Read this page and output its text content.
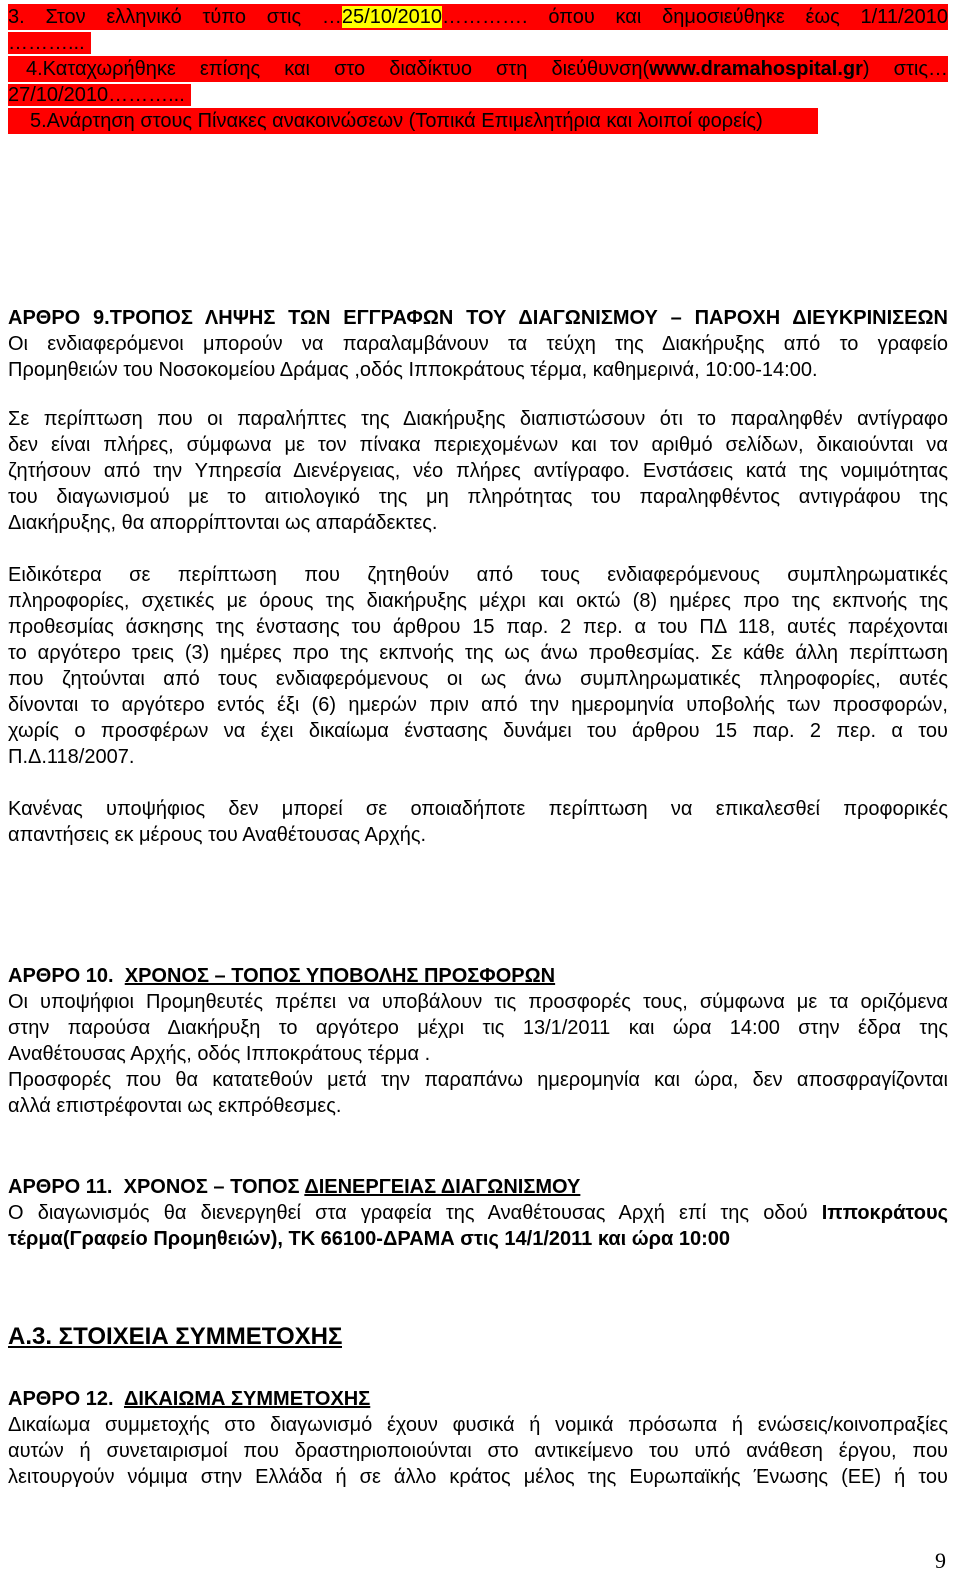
3. Στον ελληνικό τύπο στις …25/10/2010…………. όπου και δημοσιεύθηκε έως 1/11/2010
………...
4.Καταχωρήθηκε επίσης και στο διαδίκτυο στη διεύθυνση(www.dramahospital.gr) στις…
27/10/2010………...
5.Ανάρτηση στους Πίνακες ανακοινώσεων (Τοπικά Επιμελητήρια και λοιποί φορείς)
ΑΡΘΡΟ 9.ΤΡΟΠΟΣ ΛΗΨΗΣ ΤΩΝ ΕΓΓΡΑΦΩΝ ΤΟΥ ΔΙΑΓΩΝΙΣΜΟΥ – ΠΑΡΟΧΗ ΔΙΕΥΚΡΙΝΙΣΕΩΝ
Οι ενδιαφερόμενοι μπορούν να παραλαμβάνουν τα τεύχη της Διακήρυξης από το γραφείο
Προμηθειών του Νοσοκομείου Δράμας ,οδός Ιπποκράτους τέρμα, καθημερινά, 10:00-14:00.
Σε περίπτωση που οι παραλήπτες της Διακήρυξης διαπιστώσουν ότι το παραληφθέν αντίγραφο
δεν είναι πλήρες, σύμφωνα με τον πίνακα περιεχομένων και τον αριθμό σελίδων, δικαιούνται να
ζητήσουν από την Υπηρεσία Διενέργειας, νέο πλήρες αντίγραφο. Ενστάσεις κατά της νομιμότητας
του διαγωνισμού με το αιτιολογικό της μη πληρότητας του παραληφθέντος αντιγράφου της
Διακήρυξης, θα απορρίπτονται ως απαράδεκτες.
Ειδικότερα σε περίπτωση που ζητηθούν από τους ενδιαφερόμενους συμπληρωματικές
πληροφορίες, σχετικές με όρους της διακήρυξης μέχρι και οκτώ (8) ημέρες προ της εκπνοής της
προθεσμίας άσκησης της ένστασης του άρθρου 15 παρ. 2 περ. α του ΠΔ 118, αυτές παρέχονται
το αργότερο τρεις (3) ημέρες προ της εκπνοής της ως άνω προθεσμίας. Σε κάθε άλλη περίπτωση
που ζητούνται από τους ενδιαφερόμενους οι ως άνω συμπληρωματικές πληροφορίες, αυτές
δίνονται το αργότερο εντός έξι (6) ημερών πριν από την ημερομηνία υποβολής των προσφορών,
χωρίς ο προσφέρων να έχει δικαίωμα ένστασης δυνάμει του άρθρου 15 παρ. 2 περ. α του
Π.Δ.118/2007.
Κανένας υποψήφιος δεν μπορεί σε οποιαδήποτε περίπτωση να επικαλεσθεί προφορικές
απαντήσεις εκ μέρους του Αναθέτουσας Αρχής.
ΑΡΘΡΟ 10. ΧΡΟΝΟΣ – ΤΟΠΟΣ ΥΠΟΒΟΛΗΣ ΠΡΟΣΦΟΡΩΝ
Οι υποψήφιοι Προμηθευτές πρέπει να υποβάλουν τις προσφορές τους, σύμφωνα με τα οριζόμενα
στην παρούσα Διακήρυξη το αργότερο μέχρι τις 13/1/2011 και ώρα 14:00 στην έδρα της
Αναθέτουσας Αρχής, οδός Ιπποκράτους τέρμα .
Προσφορές που θα κατατεθούν μετά την παραπάνω ημερομηνία και ώρα, δεν αποσφραγίζονται
αλλά επιστρέφονται ως εκπρόθεσμες.
ΑΡΘΡΟ 11. ΧΡΟΝΟΣ – ΤΟΠΟΣ ΔΙΕΝΕΡΓΕΙΑΣ ΔΙΑΓΩΝΙΣΜΟΥ
Ο διαγωνισμός θα διενεργηθεί στα γραφεία της Αναθέτουσας Αρχή επί της οδού Ιπποκράτους
τέρμα(Γραφείο Προμηθειών), ΤΚ 66100-ΔΡΑΜΑ στις 14/1/2011 και ώρα 10:00
Α.3. ΣΤΟΙΧΕΙΑ ΣΥΜΜΕΤΟΧΗΣ
ΑΡΘΡΟ 12. ΔΙΚΑΙΩΜΑ ΣΥΜΜΕΤΟΧΗΣ
Δικαίωμα συμμετοχής στο διαγωνισμό έχουν φυσικά ή νομικά πρόσωπα ή ενώσεις/κοινοπραξίες
αυτών ή συνεταιρισμοί που δραστηριοποιούνται στο αντικείμενο του υπό ανάθεση έργου, που
λειτουργούν νόμιμα στην Ελλάδα ή σε άλλο κράτος μέλος της Ευρωπαϊκής Ένωσης (ΕΕ) ή του
9
